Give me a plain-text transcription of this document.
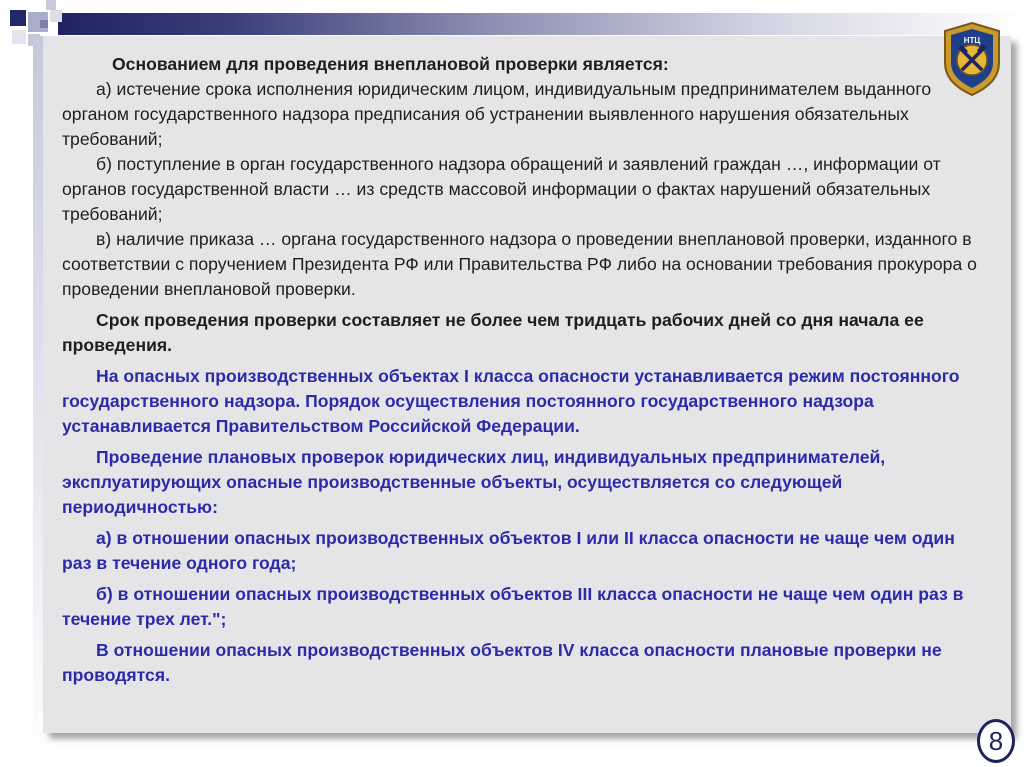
Основанием для проведения внеплановой проверки является:

а) истечение срока исполнения юридическим лицом, индивидуальным предпринимателем выданного органом государственного надзора предписания об устранении выявленного нарушения обязательных требований;

б) поступление в орган государственного надзора обращений и заявлений граждан …, информации от органов государственной власти … из средств массовой информации о фактах нарушений обязательных требований;

в) наличие приказа … органа государственного надзора о проведении внеплановой проверки, изданного в соответствии с поручением Президента РФ или Правительства РФ либо на основании требования прокурора о проведении внеплановой проверки.

Срок проведения проверки составляет не более чем тридцать рабочих дней со дня начала ее проведения.

На опасных производственных объектах I класса опасности устанавливается режим постоянного государственного надзора. Порядок осуществления постоянного государственного надзора устанавливается Правительством Российской Федерации.

Проведение плановых проверок юридических лиц, индивидуальных предпринимателей, эксплуатирующих опасные производственные объекты, осуществляется со следующей периодичностью:

а) в отношении опасных производственных объектов I или II класса опасности не чаще чем один раз в течение одного года;

б) в отношении опасных производственных объектов III класса опасности не чаще чем один раз в течение трех лет.";

В отношении опасных производственных объектов IV класса опасности плановые проверки не проводятся.

НТЦ
8
